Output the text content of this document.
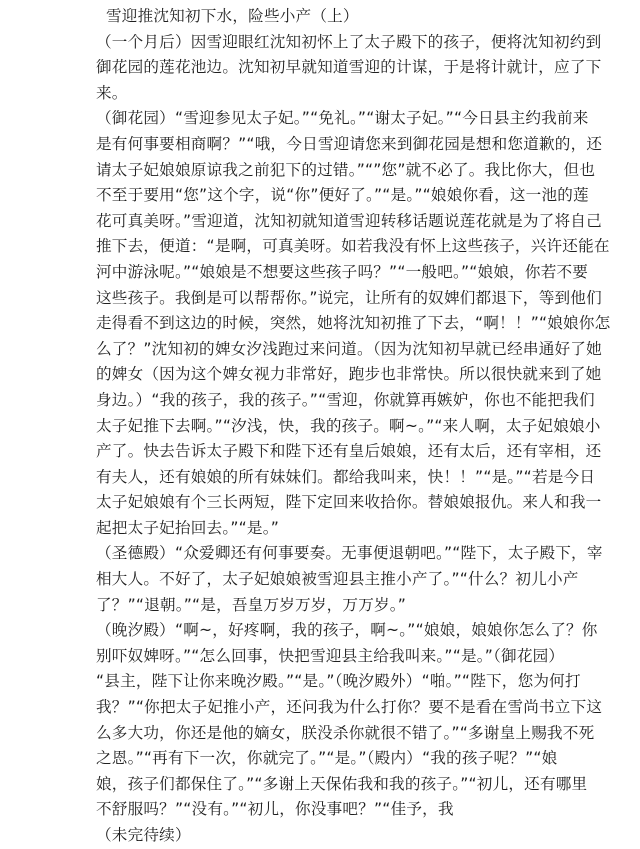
雪迎推沈知初下水，险些小产（上）
（一个月后）因雪迎眼红沈知初怀上了太子殿下的孩子，便将沈知初约到
御花园的莲花池边。沈知初早就知道雪迎的计谋，于是将计就计，应了下
来。
（御花园）“雪迎参见太子妃。”“免礼。”“谢太子妃。”“今日县主约我前来
是有何事要相商啊？”“哦，今日雪迎请您来到御花园是想和您道歉的，还
请太子妃娘娘原谅我之前犯下的过错。”“”您”就不必了。我比你大，但也
不至于要用“您”这个字，说“你”便好了。”“是。”“娘娘你看，这一池的莲
花可真美呀。”雪迎道，沈知初就知道雪迎转移话题说莲花就是为了将自己
推下去，便道：“是啊，可真美呀。如若我没有怀上这些孩子，兴许还能在
河中游泳呢。”“娘娘是不想要这些孩子吗？”“一般吧。”“娘娘，你若不要
这些孩子。我倒是可以帮帮你。”说完，让所有的奴婢们都退下，等到他们
走得看不到这边的时候，突然，她将沈知初推了下去，“啊！！”“娘娘你怎
么了？”沈知初的婢女汐浅跑过来问道。（因为沈知初早就已经串通好了她
的婢女（因为这个婢女视力非常好，跑步也非常快。所以很快就来到了她
身边。）“我的孩子，我的孩子。”“雪迎，你就算再嫉妒，你也不能把我们
太子妃推下去啊。”“汐浅，快，我的孩子。啊~。”“来人啊，太子妃娘娘小
产了。快去告诉太子殿下和陛下还有皇后娘娘，还有太后，还有宰相，还
有夫人，还有娘娘的所有妹妹们。都给我叫来，快！！”“是。”“若是今日
太子妃娘娘有个三长两短，陛下定回来收拾你。替娘娘报仇。来人和我一
起把太子妃抬回去。”“是。”
（圣德殿）“众爱卿还有何事要奏。无事便退朝吧。”“陛下，太子殿下，宰
相大人。不好了，太子妃娘娘被雪迎县主推小产了。”“什么？初儿小产
了？”“退朝。”“是，吾皇万岁万岁，万万岁。”
（晚汐殿）“啊~，好疼啊，我的孩子，啊~。”“娘娘，娘娘你怎么了？你
别吓奴婢呀。”“怎么回事，快把雪迎县主给我叫来。”“是。”（御花园）
“县主，陛下让你来晚汐殿。”“是。”（晚汐殿外）“啪。”“陛下，您为何打
我？”“你把太子妃推小产，还问我为什么打你？要不是看在雪尚书立下这
么多大功，你还是他的嫡女，朕没杀你就很不错了。”“多谢皇上赐我不死
之恩。”“再有下一次，你就完了。”“是。”（殿内）“我的孩子呢？”“娘
娘，孩子们都保住了。”“多谢上天保佑我和我的孩子。”“初儿，还有哪里
不舒服吗？”“没有。”“初儿，你没事吧？”“佳予，我
（未完待续）
